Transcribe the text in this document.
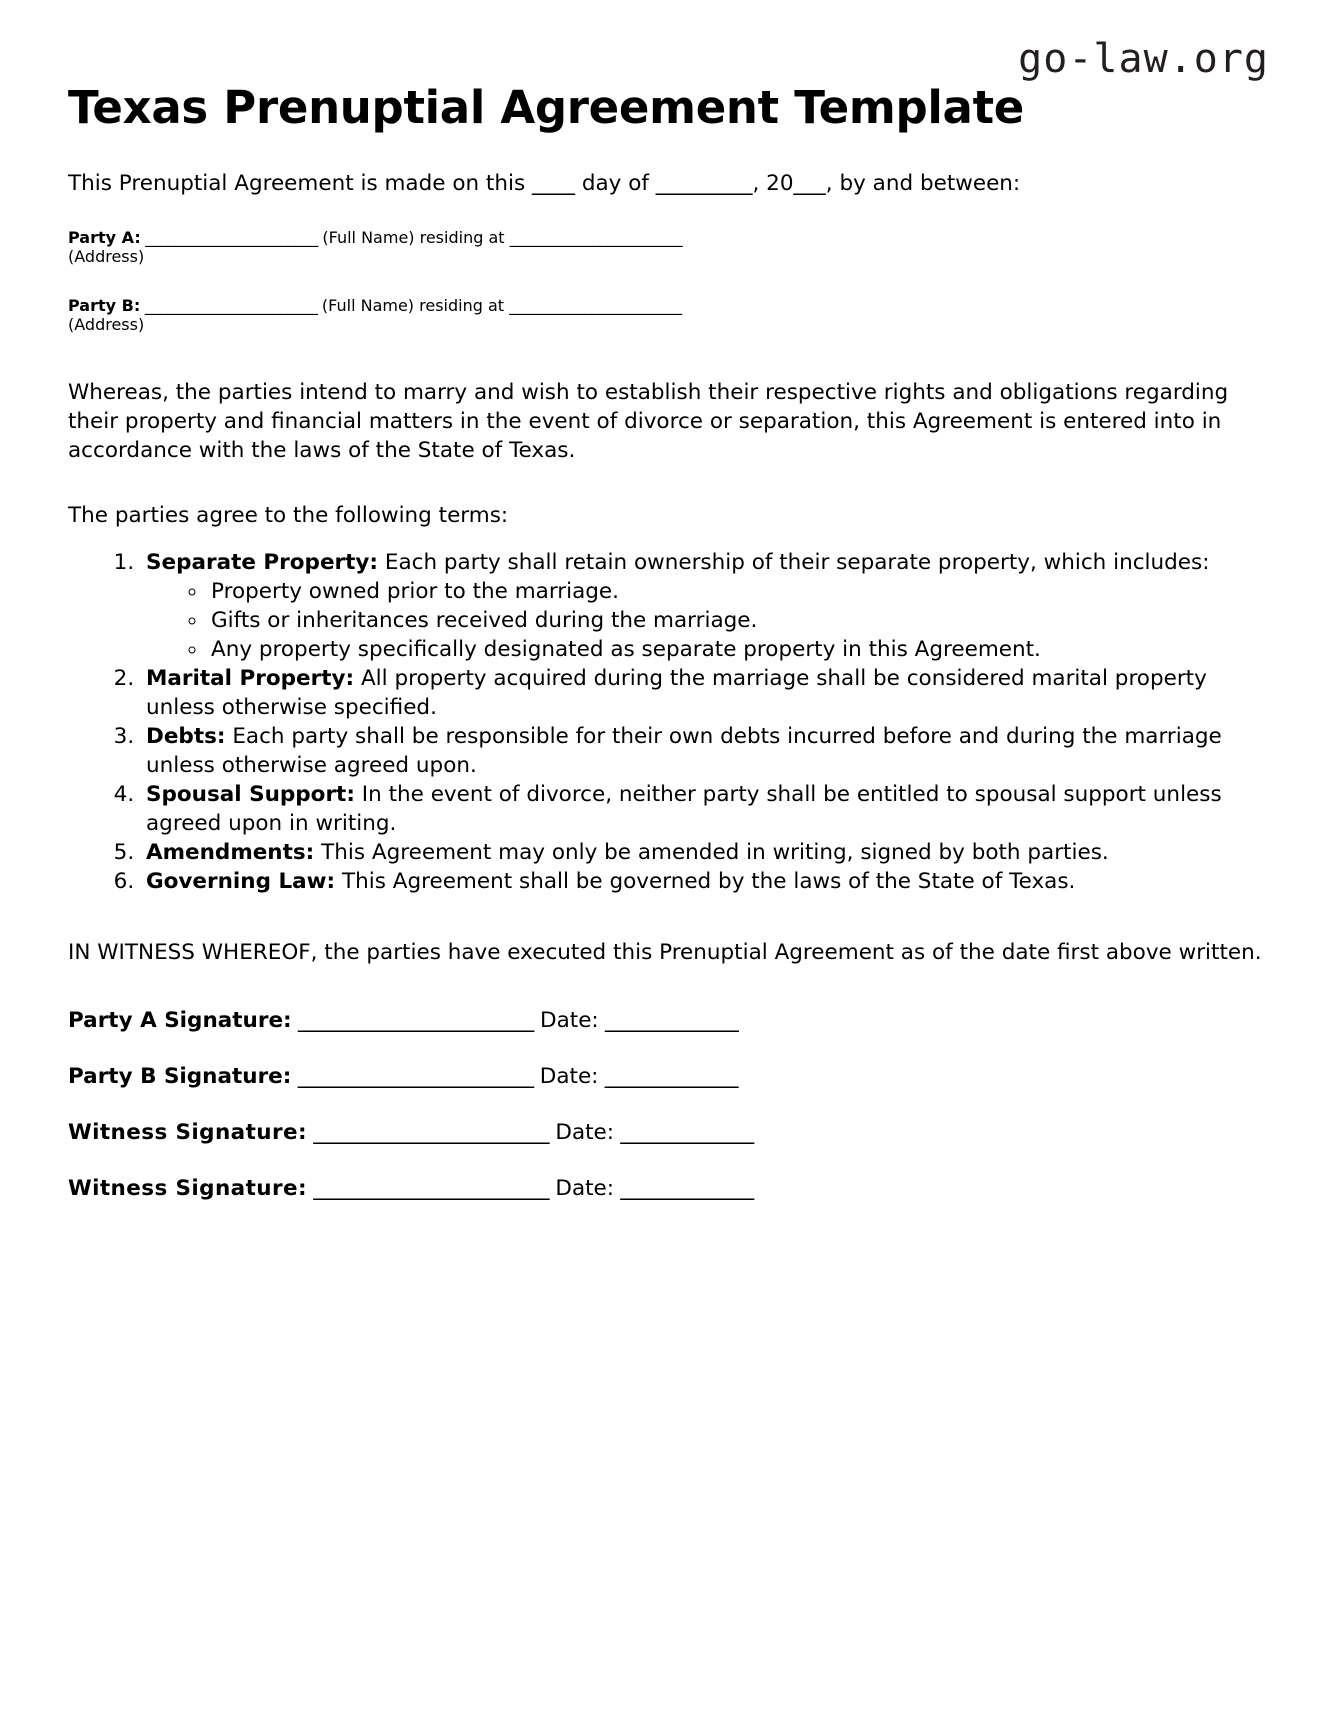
go-law.org
Texas Prenuptial Agreement Template

This Prenuptial Agreement is made on this ____ day of _________, 20___, by and between:

Party A: _______________________ (Full Name) residing at _______________________
(Address)
Party B: _______________________ (Full Name) residing at _______________________
(Address)

Whereas, the parties intend to marry and wish to establish their respective rights and obligations regarding their property and financial matters in the event of divorce or separation, this Agreement is entered into in accordance with the laws of the State of Texas.

The parties agree to the following terms:

1. Separate Property: Each party shall retain ownership of their separate property, which includes:
◦ Property owned prior to the marriage.
◦ Gifts or inheritances received during the marriage.
◦ Any property specifically designated as separate property in this Agreement.
2. Marital Property: All property acquired during the marriage shall be considered marital property unless otherwise specified.
3. Debts: Each party shall be responsible for their own debts incurred before and during the marriage unless otherwise agreed upon.
4. Spousal Support: In the event of divorce, neither party shall be entitled to spousal support unless agreed upon in writing.
5. Amendments: This Agreement may only be amended in writing, signed by both parties.
6. Governing Law: This Agreement shall be governed by the laws of the State of Texas.

IN WITNESS WHEREOF, the parties have executed this Prenuptial Agreement as of the date first above written.

Party A Signature: _______________________ Date: _____________
Party B Signature: _______________________ Date: _____________
Witness Signature: _______________________ Date: _____________
Witness Signature: _______________________ Date: _____________
